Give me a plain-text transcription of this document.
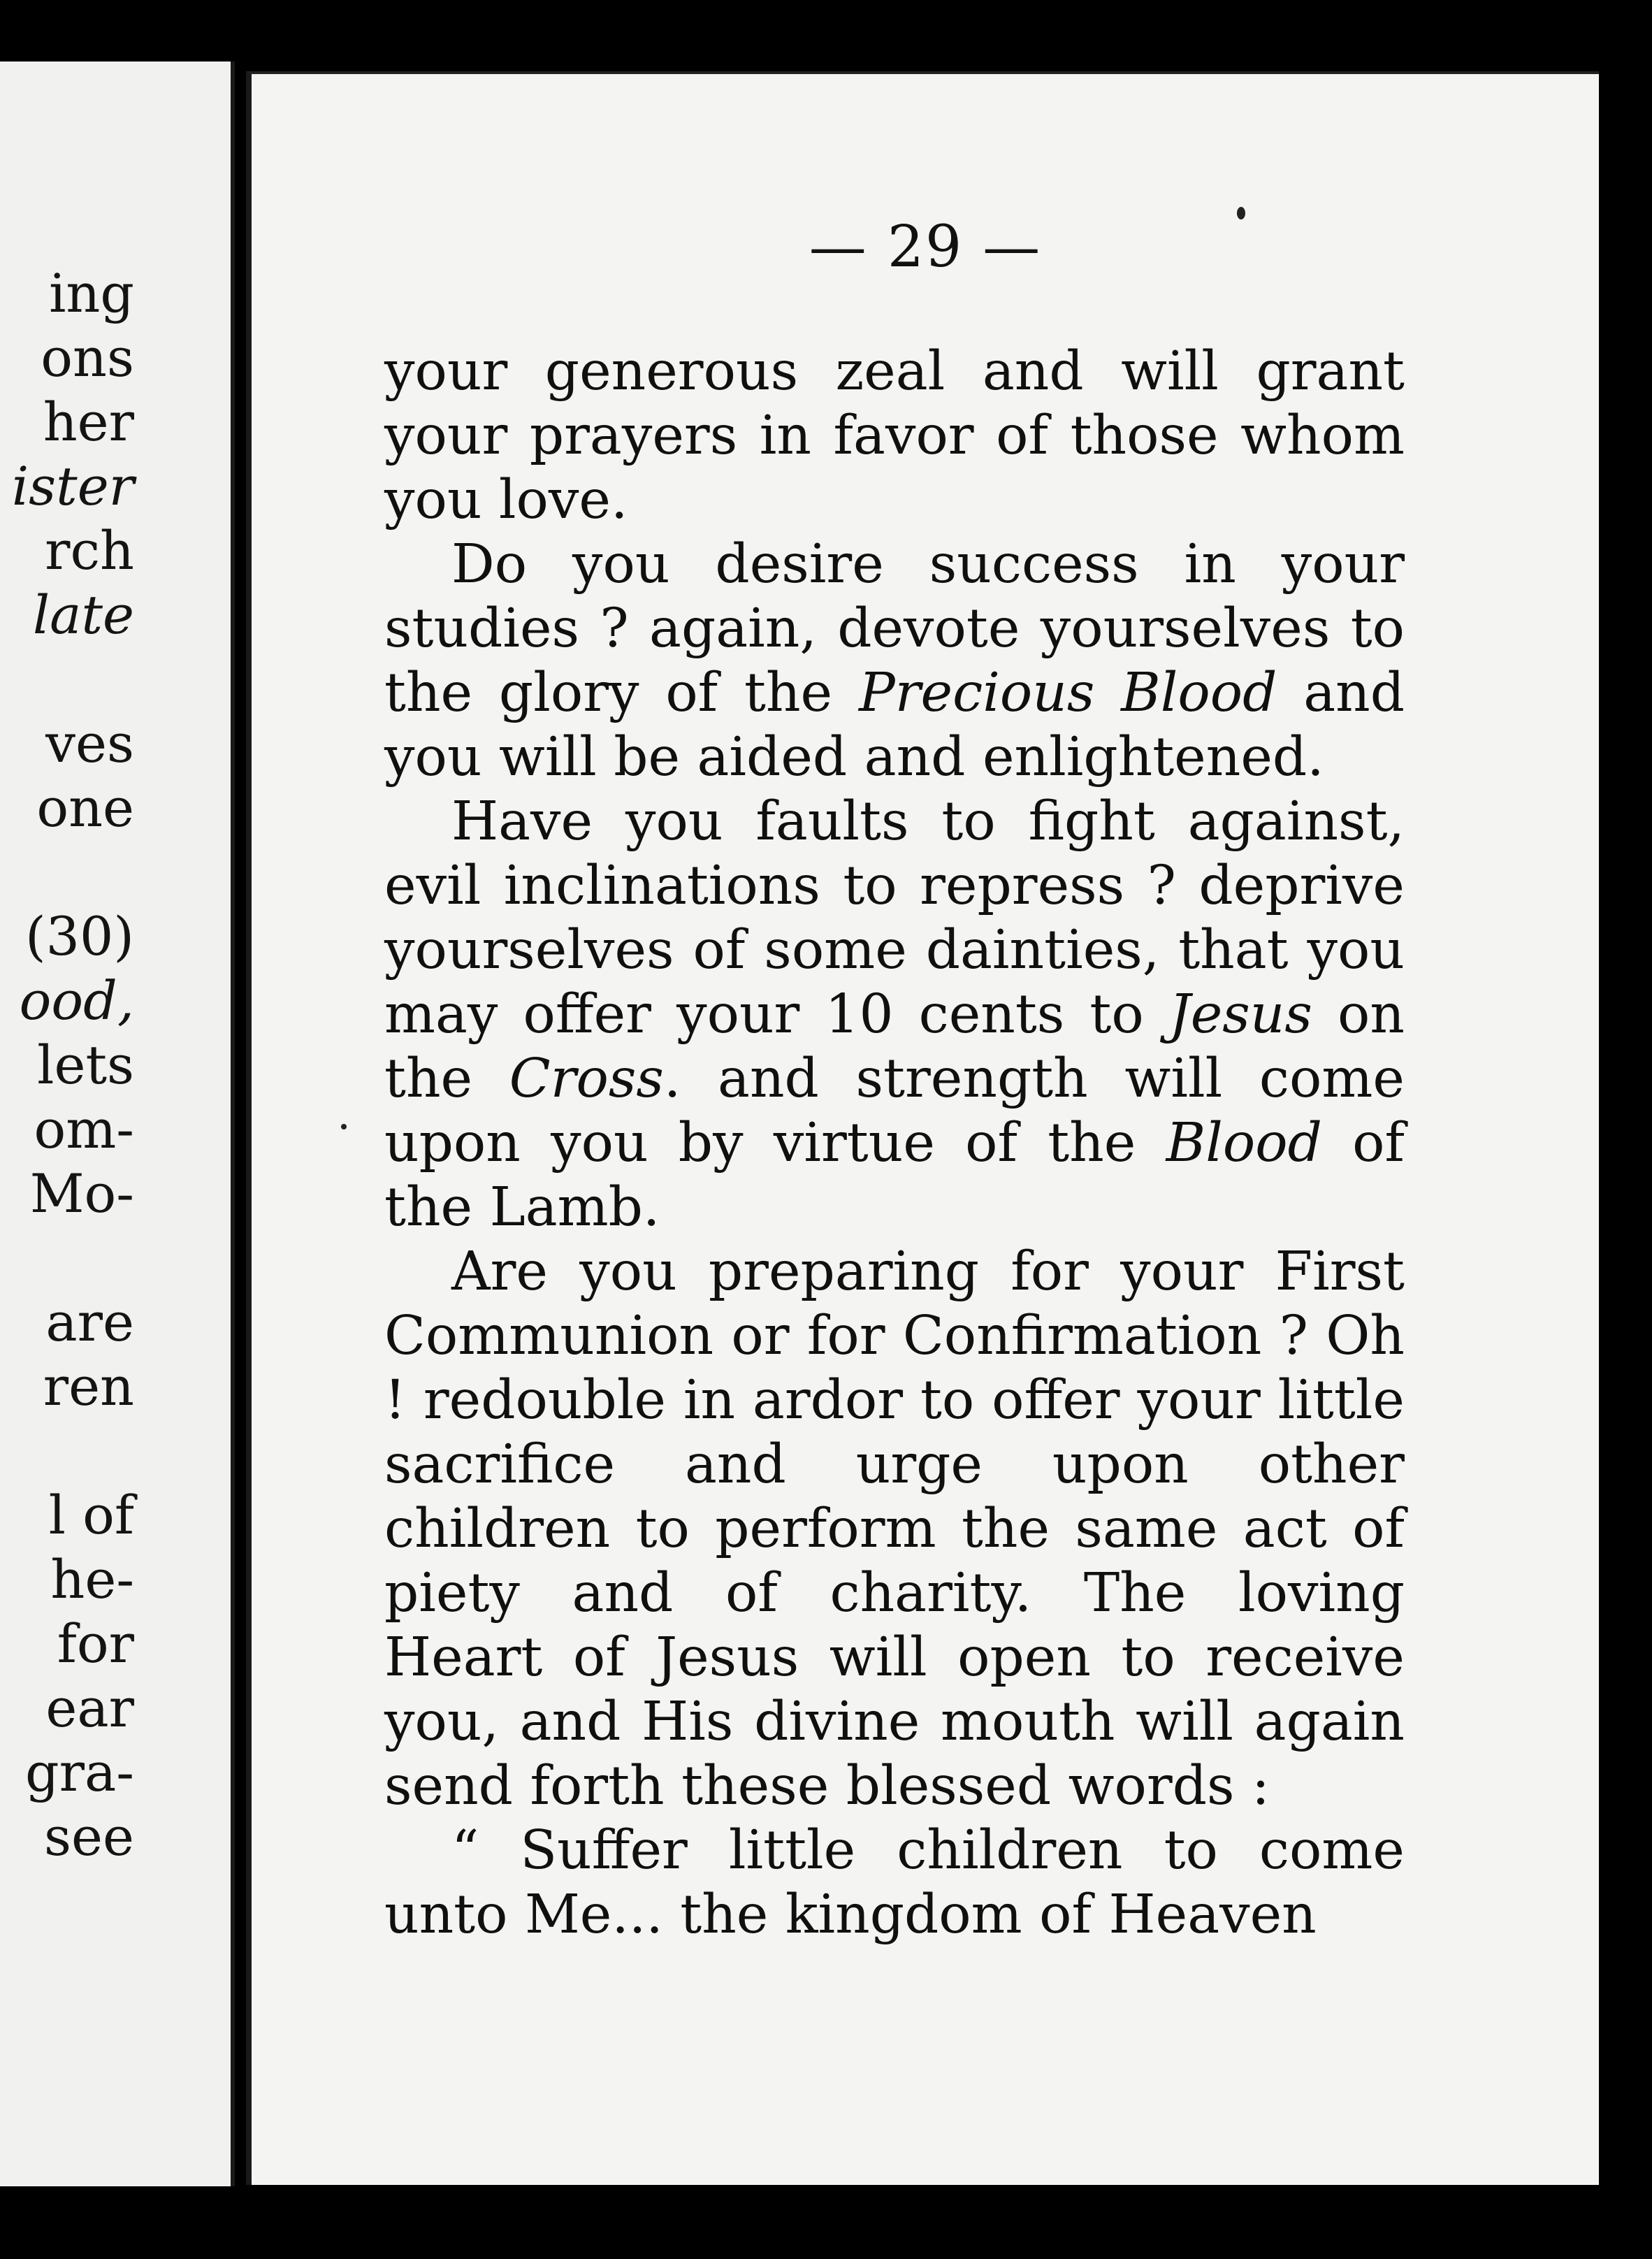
ing
ons
her
ister
rch
late
ves
one
(30)
ood,
lets
om-
Mo-
are
ren
l of
he-
for
ear
gra-
see
— 29 —

your generous zeal and will grant your prayers in favor of those whom you love.

Do you desire success in your studies ? again, devote yourselves to the glory of the Precious Blood and you will be aided and enlightened.

Have you faults to fight against, evil inclinations to repress ? deprive yourselves of some dainties, that you may offer your 10 cents to Jesus on the Cross. and strength will come upon you by virtue of the Blood of the Lamb.

Are you preparing for your First Communion or for Confirmation ? Oh ! redouble in ardor to offer your little sacrifice and urge upon other children to perform the same act of piety and of charity. The loving Heart of Jesus will open to receive you, and His divine mouth will again send forth these blessed words :

“ Suffer little children to come unto Me... the kingdom of Heaven
